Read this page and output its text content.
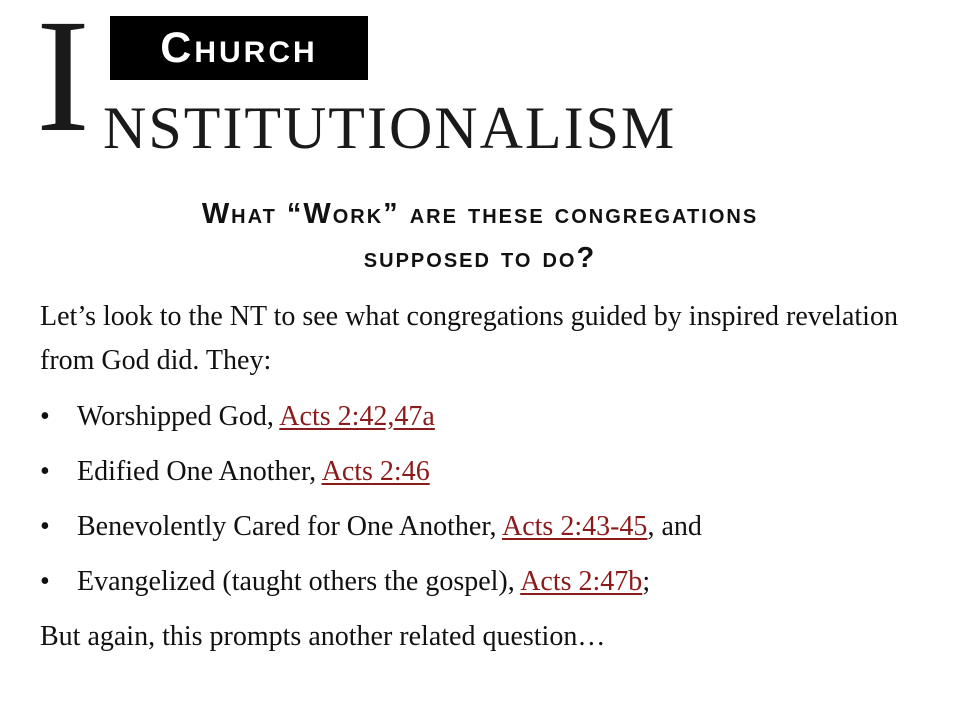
I	Church
NSTITUTIONALISM
What “Work” are these congregations
supposed to do?

Let’s look to the NT to see what congregations guided by inspired revelation from God did. They:

• Worshipped God, Acts 2:42,47a
• Edified One Another, Acts 2:46
• Benevolently Cared for One Another, Acts 2:43-45, and
• Evangelized (taught others the gospel), Acts 2:47b;

But again, this prompts another related question…
